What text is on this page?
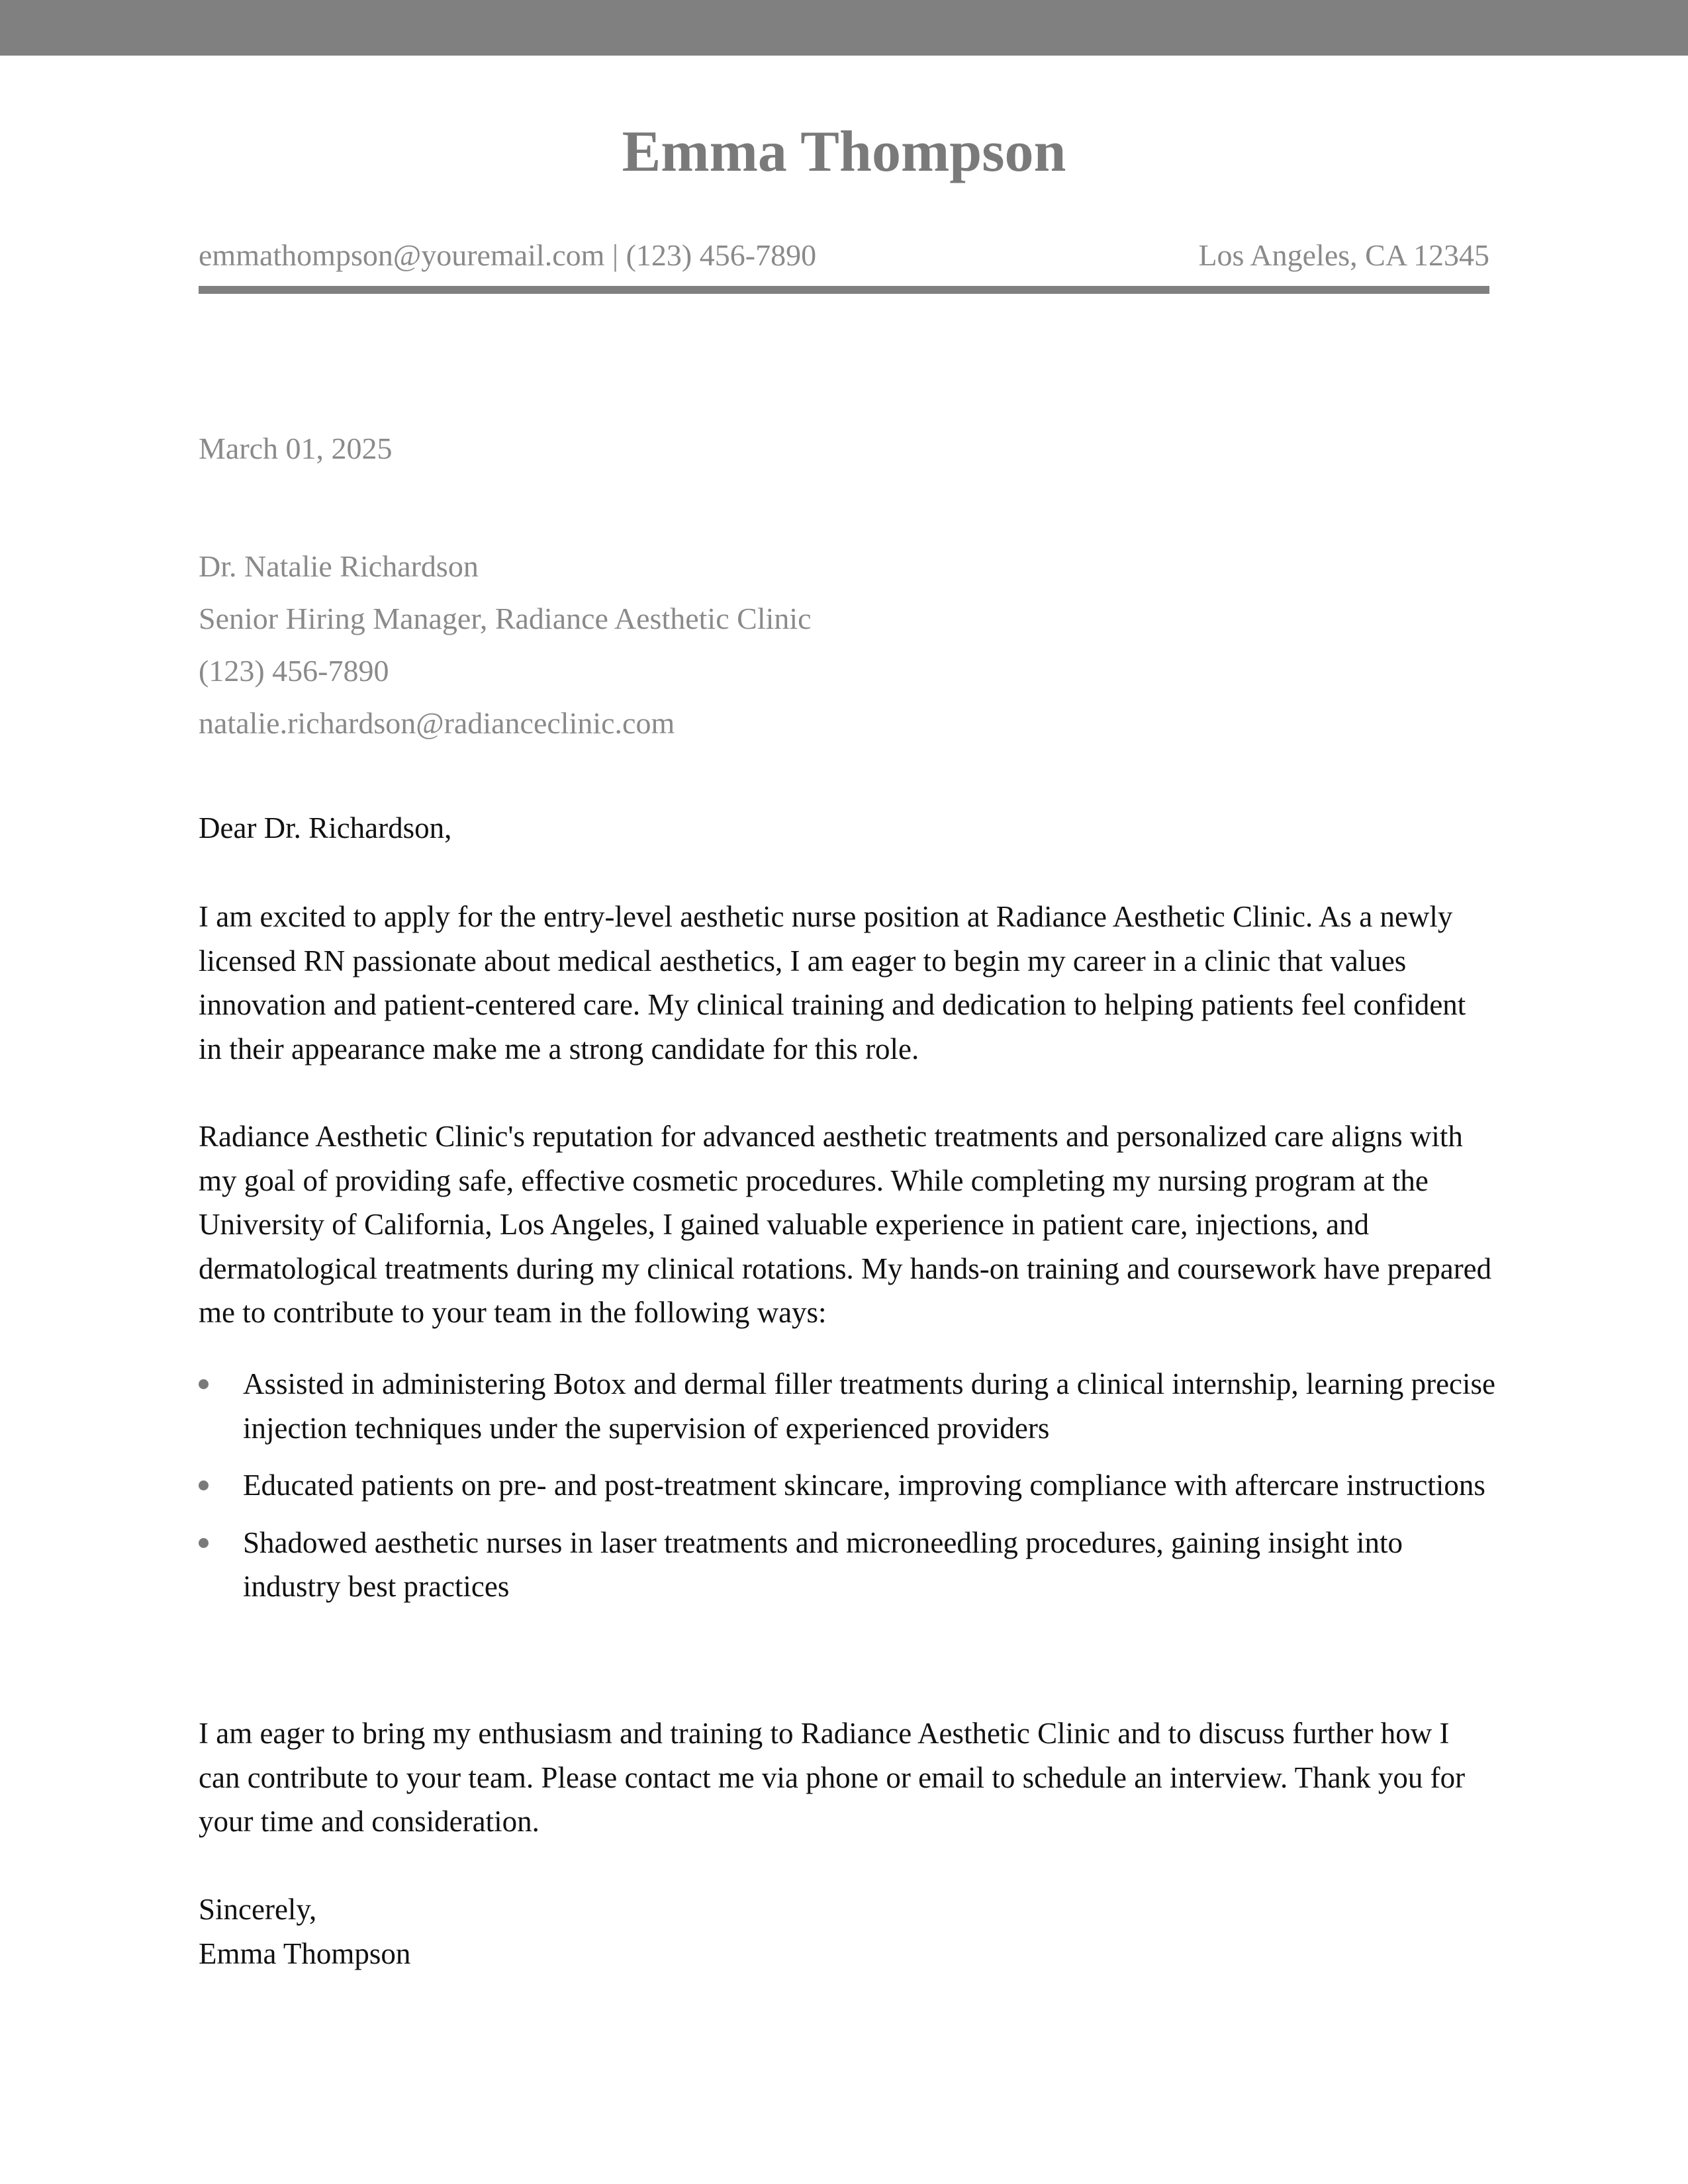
Emma Thompson
emmathompson@youremail.com | (123) 456-7890	Los Angeles, CA 12345
March 01, 2025
Dr. Natalie Richardson
Senior Hiring Manager, Radiance Aesthetic Clinic
(123) 456-7890
natalie.richardson@radianceclinic.com
Dear Dr. Richardson,

I am excited to apply for the entry-level aesthetic nurse position at Radiance Aesthetic Clinic. As a newly licensed RN passionate about medical aesthetics, I am eager to begin my career in a clinic that values innovation and patient-centered care. My clinical training and dedication to helping patients feel confident in their appearance make me a strong candidate for this role.

Radiance Aesthetic Clinic's reputation for advanced aesthetic treatments and personalized care aligns with my goal of providing safe, effective cosmetic procedures. While completing my nursing program at the University of California, Los Angeles, I gained valuable experience in patient care, injections, and dermatological treatments during my clinical rotations. My hands-on training and coursework have prepared me to contribute to your team in the following ways:

Assisted in administering Botox and dermal filler treatments during a clinical internship, learning precise injection techniques under the supervision of experienced providers
Educated patients on pre- and post-treatment skincare, improving compliance with aftercare instructions
Shadowed aesthetic nurses in laser treatments and microneedling procedures, gaining insight into industry best practices

I am eager to bring my enthusiasm and training to Radiance Aesthetic Clinic and to discuss further how I can contribute to your team. Please contact me via phone or email to schedule an interview. Thank you for your time and consideration.

Sincerely,
Emma Thompson
